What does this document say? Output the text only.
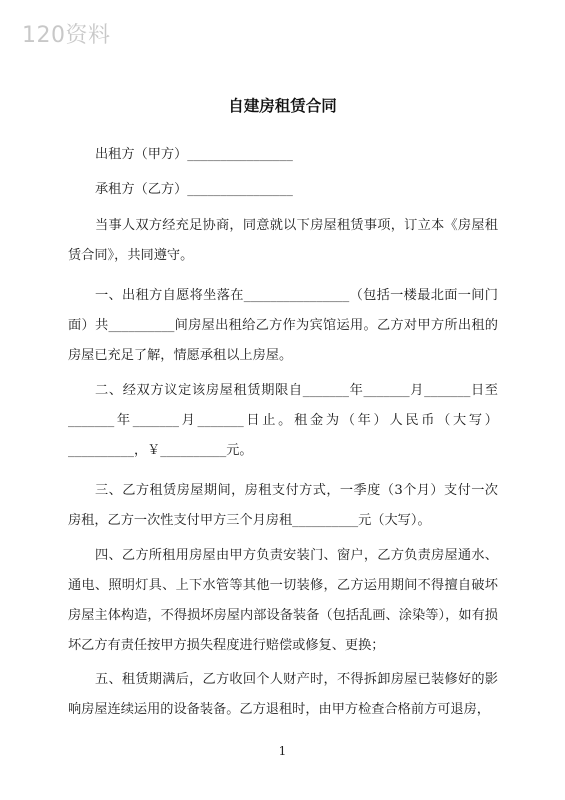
120资料
自建房租赁合同
出租方（甲方）________________
承租方（乙方）________________
当事人双方经充足协商，同意就以下房屋租赁事项，订立本《房屋租赁合同》，共同遵守。
一、出租方自愿将坐落在________________（包括一楼最北面一间门面）共__________间房屋出租给乙方作为宾馆运用。乙方对甲方所出租的房屋已充足了解，情愿承租以上房屋。
二、经双方议定该房屋租赁期限自_______年_______月_______日至_______年_______月_______日止。租金为（年）人民币（大写）__________，￥__________元。
三、乙方租赁房屋期间，房租支付方式，一季度（3个月）支付一次房租，乙方一次性支付甲方三个月房租__________元（大写）。
四、乙方所租用房屋由甲方负责安装门、窗户，乙方负责房屋通水、通电、照明灯具、上下水管等其他一切装修，乙方运用期间不得擅自破坏房屋主体构造，不得损坏房屋内部设备装备（包括乱画、涂染等），如有损坏乙方有责任按甲方损失程度进行赔偿或修复、更换；
五、租赁期满后，乙方收回个人财产时，不得拆卸房屋已装修好的影响房屋连续运用的设备装备。乙方退租时，由甲方检查合格前方可退房，
1
